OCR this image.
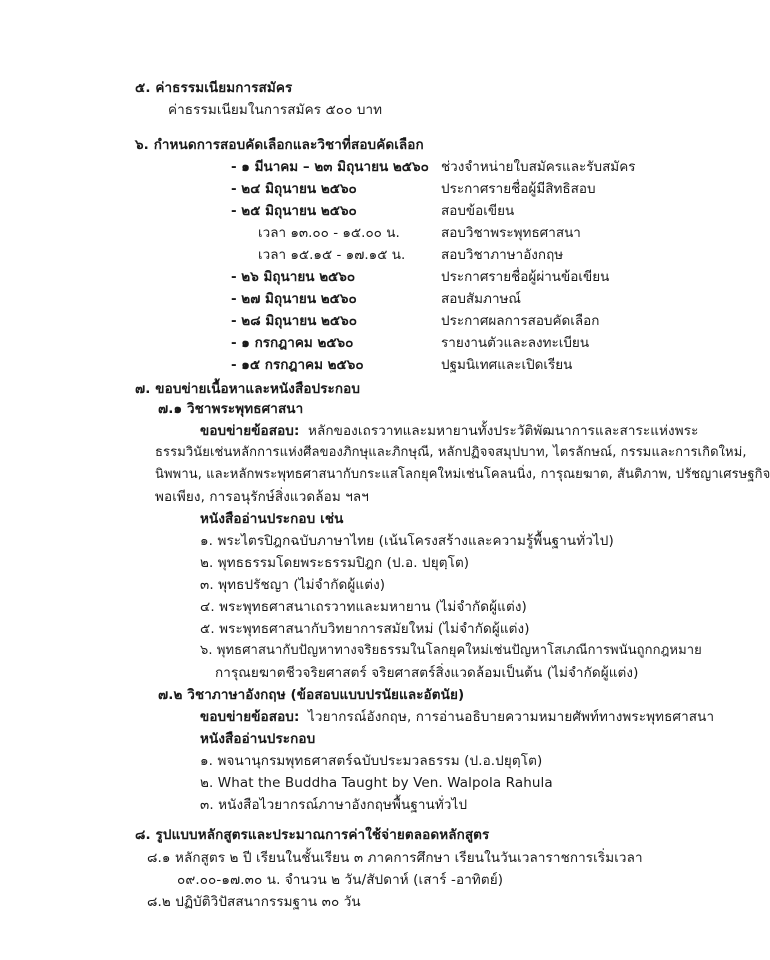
๕. ค่าธรรมเนียมการสมัคร
ค่าธรรมเนียมในการสมัคร ๕๐๐ บาท
๖. กำหนดการสอบคัดเลือกและวิชาที่สอบคัดเลือก
- ๑ มีนาคม – ๒๓ มิถุนายน ๒๕๖๐ ช่วงจำหน่ายใบสมัครและรับสมัคร
- ๒๔ มิถุนายน ๒๕๖๐	ประกาศรายชื่อผู้มีสิทธิสอบ
- ๒๕ มิถุนายน ๒๕๖๐	สอบข้อเขียน
เวลา ๑๓.๐๐ - ๑๕.๐๐ น.	สอบวิชาพระพุทธศาสนา
เวลา ๑๕.๑๕ - ๑๗.๑๕ น.	สอบวิชาภาษาอังกฤษ
- ๒๖ มิถุนายน ๒๕๖๐	ประกาศรายชื่อผู้ผ่านข้อเขียน
- ๒๗ มิถุนายน ๒๕๖๐	สอบสัมภาษณ์
- ๒๘ มิถุนายน ๒๕๖๐	ประกาศผลการสอบคัดเลือก
- ๑ กรกฎาคม ๒๕๖๐	รายงานตัวและลงทะเบียน
- ๑๕ กรกฎาคม ๒๕๖๐	ปฐมนิเทศและเปิดเรียน
๗. ขอบข่ายเนื้อหาและหนังสือประกอบ
๗.๑ วิชาพระพุทธศาสนา
ขอบข่ายข้อสอบ: หลักของเถรวาทและมหายานทั้งประวัติพัฒนาการและสาระแห่งพระ
ธรรมวินัยเช่นหลักการแห่งศีลของภิกษุและภิกษุณี, หลักปฏิจจสมุปบาท, ไตรลักษณ์, กรรมและการเกิดใหม่,
นิพพาน, และหลักพระพุทธศาสนากับกระแสโลกยุคใหม่เช่นโคลนนิ่ง, การุณยฆาต, สันติภาพ, ปรัชญาเศรษฐกิจ
พอเพียง, การอนุรักษ์สิ่งแวดล้อม ฯลฯ
หนังสืออ่านประกอบ เช่น
๑. พระไตรปิฎกฉบับภาษาไทย (เน้นโครงสร้างและความรู้พื้นฐานทั่วไป)
๒. พุทธธรรมโดยพระธรรมปิฎก (ป.อ. ปยุตฺโต)
๓. พุทธปรัชญา (ไม่จำกัดผู้แต่ง)
๔. พระพุทธศาสนาเถรวาทและมหายาน (ไม่จำกัดผู้แต่ง)
๕. พระพุทธศาสนากับวิทยาการสมัยใหม่ (ไม่จำกัดผู้แต่ง)
๖. พุทธศาสนากับปัญหาทางจริยธรรมในโลกยุคใหม่เช่นปัญหาโสเภณีการพนันถูกกฎหมาย
การุณยฆาตชีวจริยศาสตร์ จริยศาสตร์สิ่งแวดล้อมเป็นต้น (ไม่จำกัดผู้แต่ง)
๗.๒ วิชาภาษาอังกฤษ (ข้อสอบแบบปรนัยและอัตนัย)
ขอบข่ายข้อสอบ: ไวยากรณ์อังกฤษ, การอ่านอธิบายความหมายศัพท์ทางพระพุทธศาสนา
หนังสืออ่านประกอบ
๑. พจนานุกรมพุทธศาสตร์ฉบับประมวลธรรม (ป.อ.ปยุตฺโต)
๒. What the Buddha Taught by Ven. Walpola Rahula
๓. หนังสือไวยากรณ์ภาษาอังกฤษพื้นฐานทั่วไป
๘. รูปแบบหลักสูตรและประมาณการค่าใช้จ่ายตลอดหลักสูตร
๘.๑ หลักสูตร ๒ ปี เรียนในชั้นเรียน ๓ ภาคการศึกษา เรียนในวันเวลาราชการเริ่มเวลา
๐๙.๐๐-๑๗.๓๐ น. จำนวน ๒ วัน/สัปดาห์ (เสาร์ -อาทิตย์)
๘.๒ ปฏิบัติวิปัสสนากรรมฐาน ๓๐ วัน
